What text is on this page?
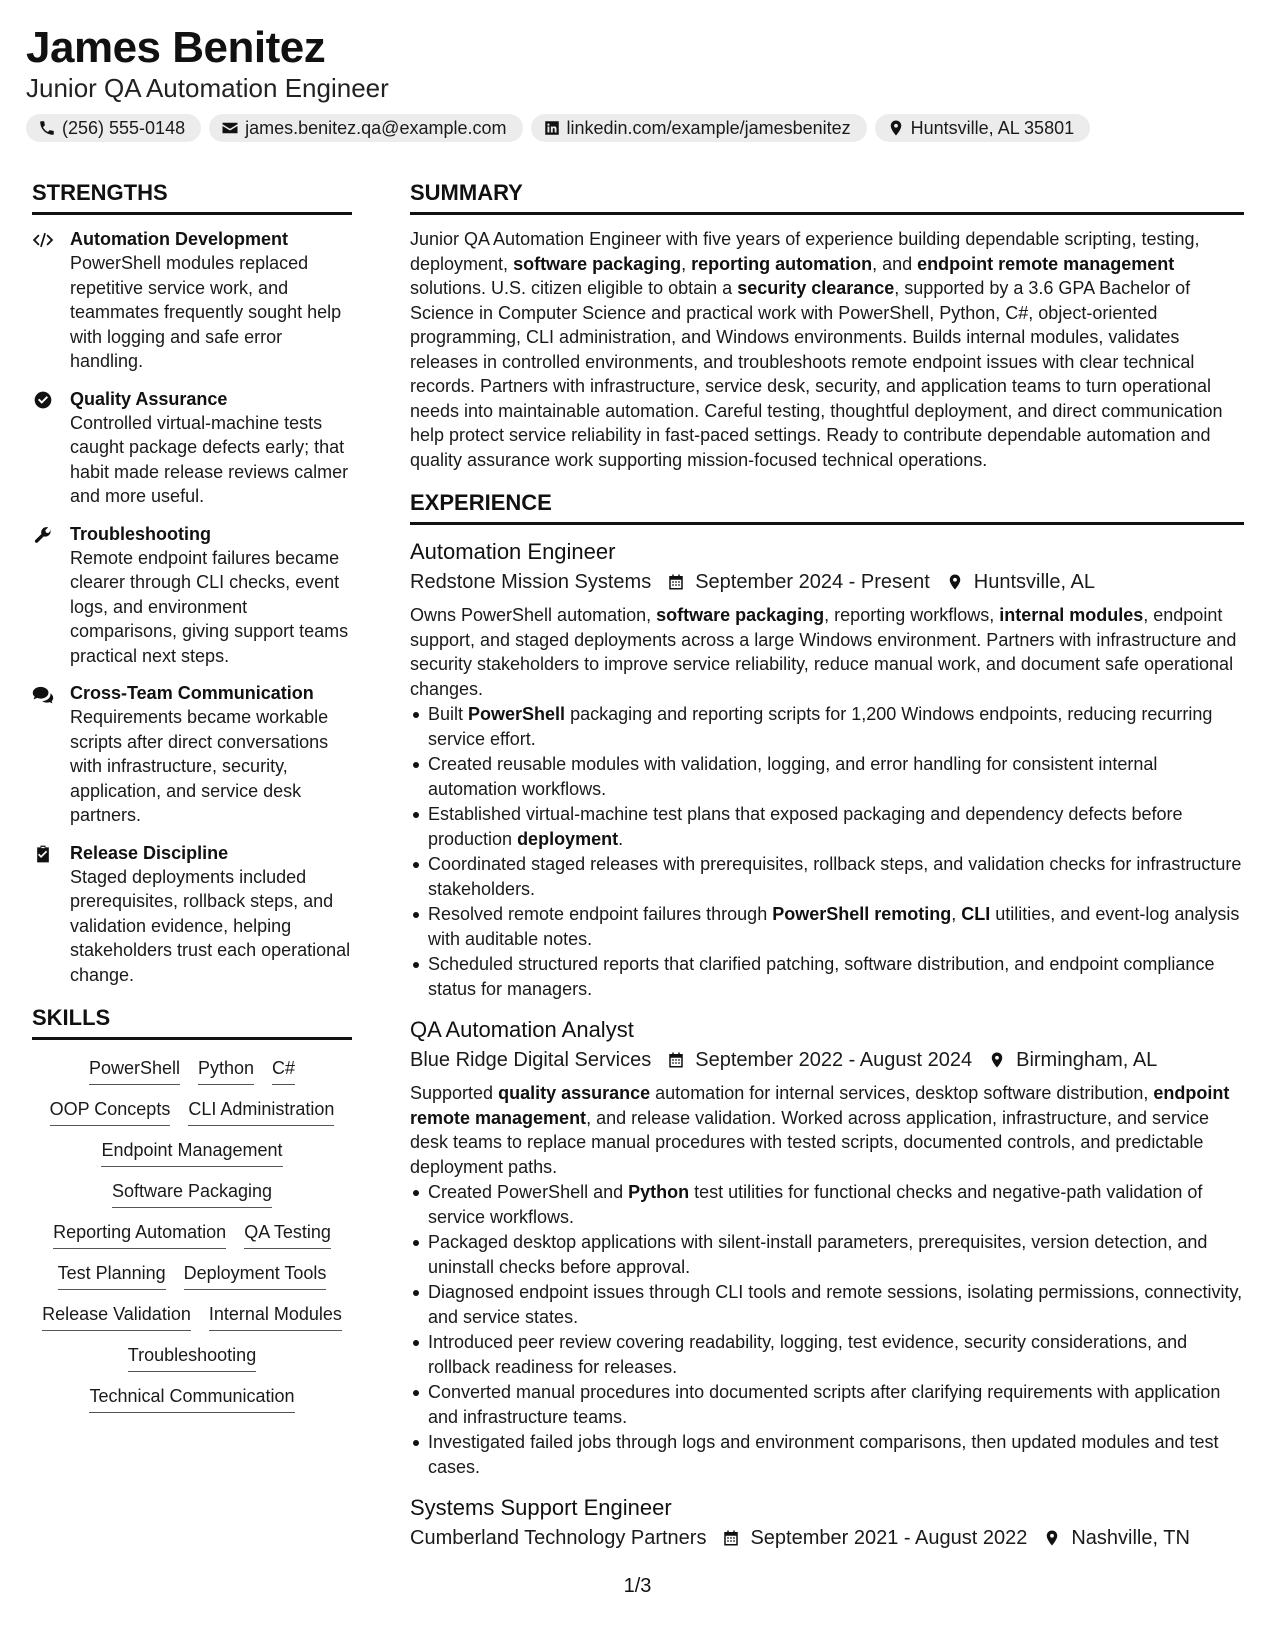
James Benitez
Junior QA Automation Engineer
(256) 555-0148	james.benitez.qa@example.com	linkedin.com/example/jamesbenitez	Huntsville, AL 35801
STRENGTHS
Automation Development
PowerShell modules replaced repetitive service work, and teammates frequently sought help with logging and safe error handling.
Quality Assurance
Controlled virtual-machine tests caught package defects early; that habit made release reviews calmer and more useful.
Troubleshooting
Remote endpoint failures became clearer through CLI checks, event logs, and environment comparisons, giving support teams practical next steps.
Cross-Team Communication
Requirements became workable scripts after direct conversations with infrastructure, security, application, and service desk partners.
Release Discipline
Staged deployments included prerequisites, rollback steps, and validation evidence, helping stakeholders trust each operational change.
SKILLS
PowerShell Python C#
OOP Concepts CLI Administration
Endpoint Management
Software Packaging
Reporting Automation QA Testing
Test Planning Deployment Tools
Release Validation Internal Modules
Troubleshooting
Technical Communication
SUMMARY
Junior QA Automation Engineer with five years of experience building dependable scripting, testing, deployment, software packaging, reporting automation, and endpoint remote management solutions. U.S. citizen eligible to obtain a security clearance, supported by a 3.6 GPA Bachelor of Science in Computer Science and practical work with PowerShell, Python, C#, object-oriented programming, CLI administration, and Windows environments. Builds internal modules, validates releases in controlled environments, and troubleshoots remote endpoint issues with clear technical records. Partners with infrastructure, service desk, security, and application teams to turn operational needs into maintainable automation. Careful testing, thoughtful deployment, and direct communication help protect service reliability in fast-paced settings. Ready to contribute dependable automation and quality assurance work supporting mission-focused technical operations.
EXPERIENCE
Automation Engineer
Redstone Mission Systems September 2024 - Present Huntsville, AL
Owns PowerShell automation, software packaging, reporting workflows, internal modules, endpoint support, and staged deployments across a large Windows environment. Partners with infrastructure and security stakeholders to improve service reliability, reduce manual work, and document safe operational changes.
Built PowerShell packaging and reporting scripts for 1,200 Windows endpoints, reducing recurring service effort.
Created reusable modules with validation, logging, and error handling for consistent internal automation workflows.
Established virtual-machine test plans that exposed packaging and dependency defects before production deployment.
Coordinated staged releases with prerequisites, rollback steps, and validation checks for infrastructure stakeholders.
Resolved remote endpoint failures through PowerShell remoting, CLI utilities, and event-log analysis with auditable notes.
Scheduled structured reports that clarified patching, software distribution, and endpoint compliance status for managers.
QA Automation Analyst
Blue Ridge Digital Services September 2022 - August 2024 Birmingham, AL
Supported quality assurance automation for internal services, desktop software distribution, endpoint remote management, and release validation. Worked across application, infrastructure, and service desk teams to replace manual procedures with tested scripts, documented controls, and predictable deployment paths.
Created PowerShell and Python test utilities for functional checks and negative-path validation of service workflows.
Packaged desktop applications with silent-install parameters, prerequisites, version detection, and uninstall checks before approval.
Diagnosed endpoint issues through CLI tools and remote sessions, isolating permissions, connectivity, and service states.
Introduced peer review covering readability, logging, test evidence, security considerations, and rollback readiness for releases.
Converted manual procedures into documented scripts after clarifying requirements with application and infrastructure teams.
Investigated failed jobs through logs and environment comparisons, then updated modules and test cases.
Systems Support Engineer
Cumberland Technology Partners September 2021 - August 2022 Nashville, TN
1/3
